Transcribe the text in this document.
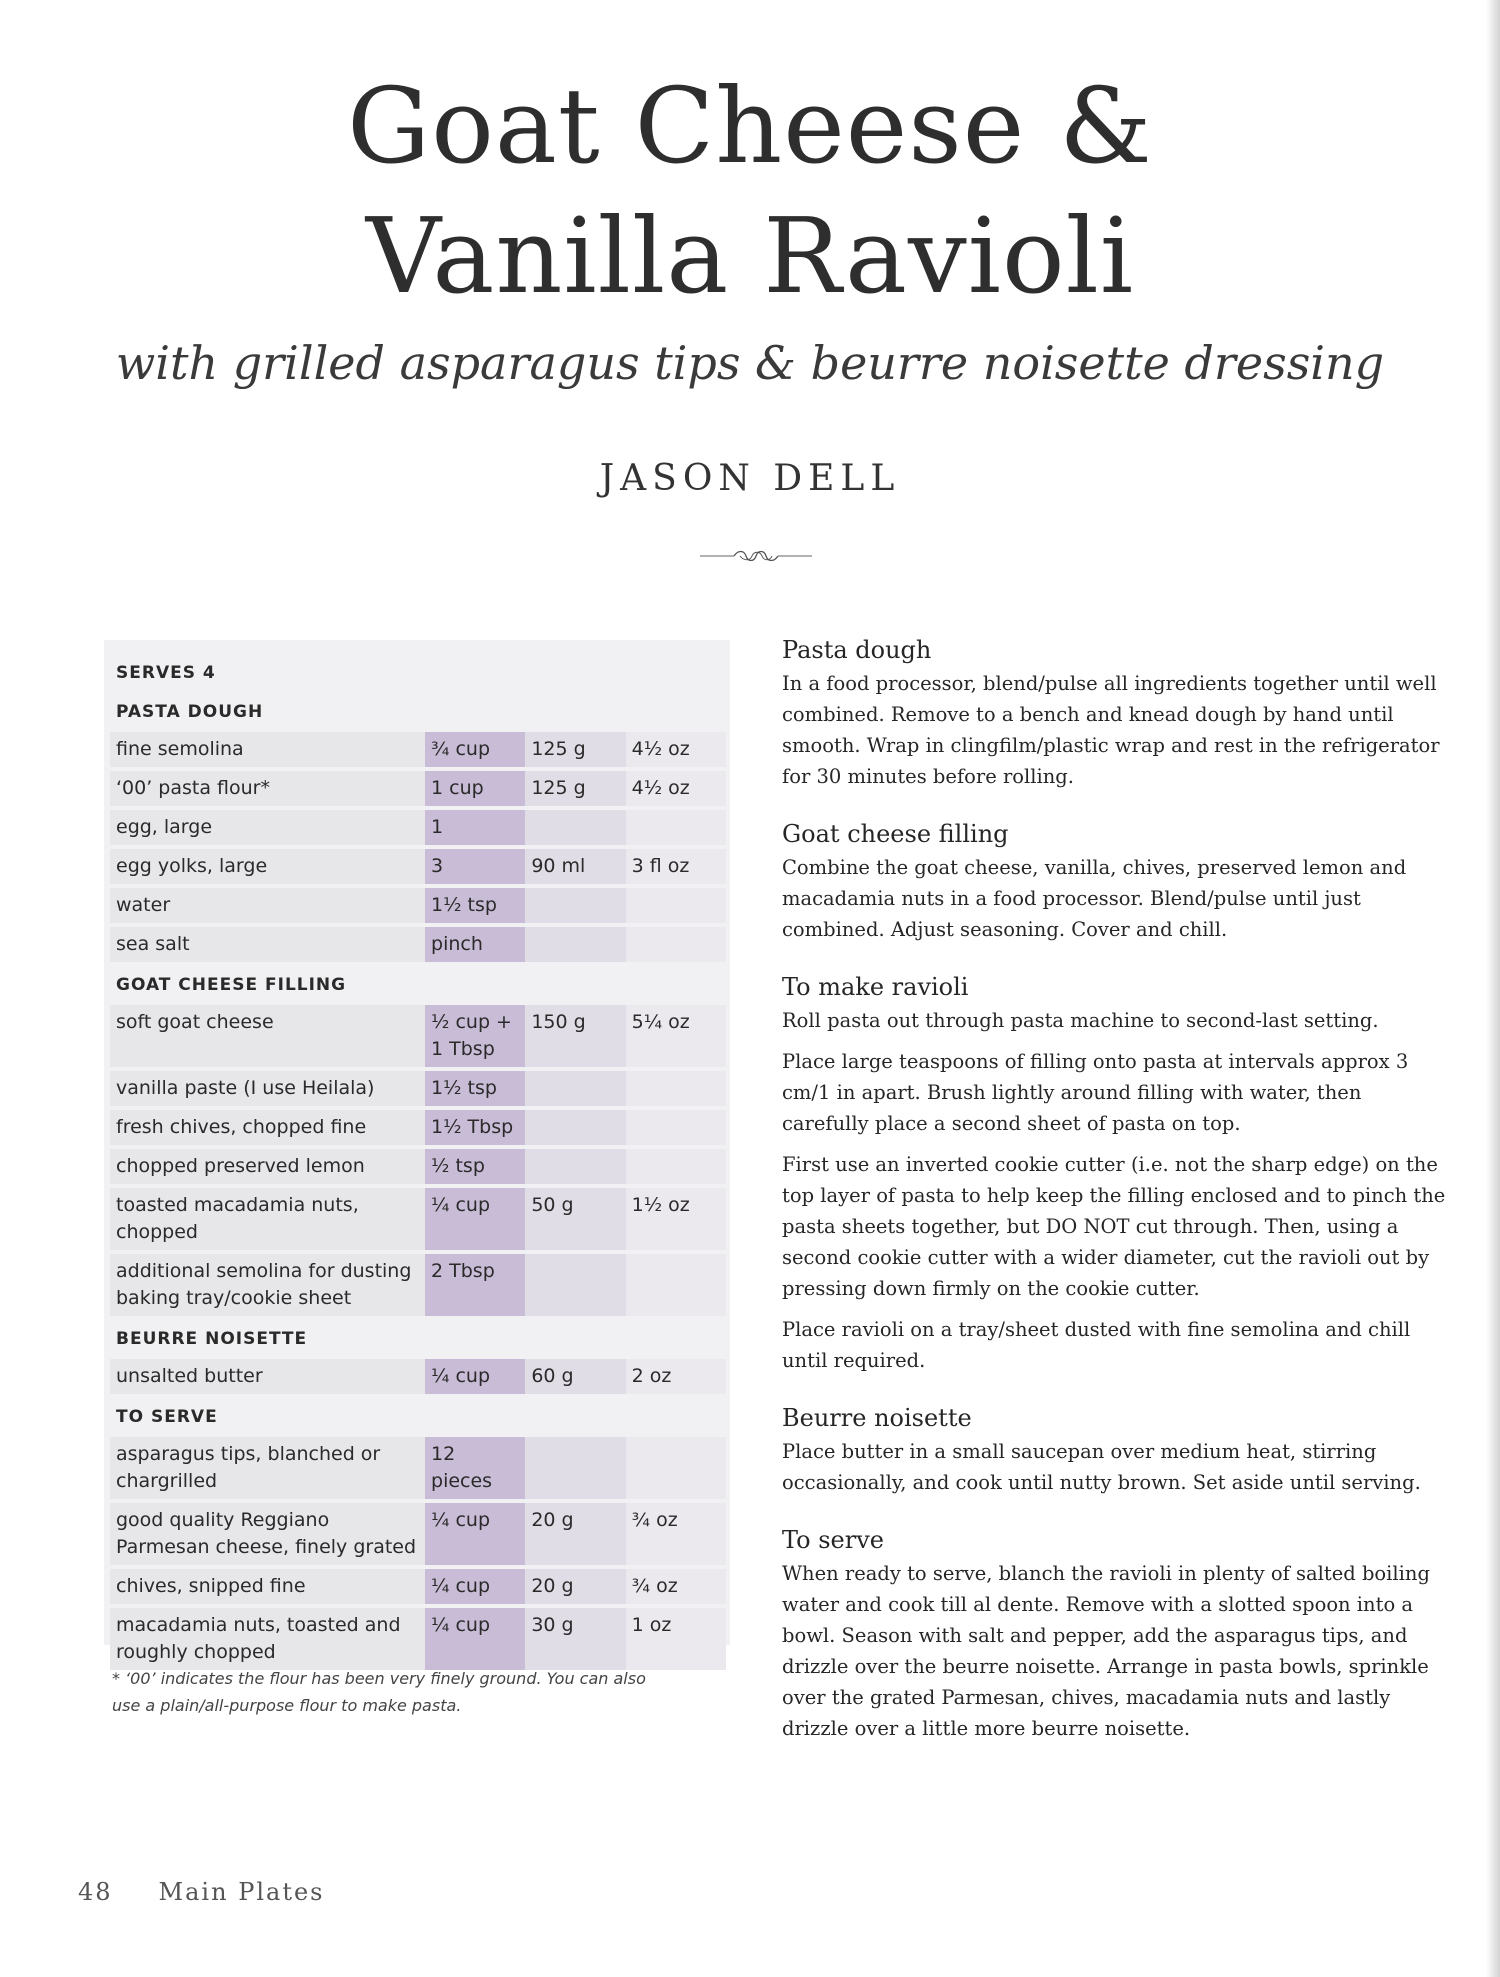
Goat Cheese &
Vanilla Ravioli
with grilled asparagus tips & beurre noisette dressing
JASON DELL
SERVES 4			
PASTA DOUGH			
fine semolina	¾ cup	125 g	4½ oz
‘00’ pasta flour*	1 cup	125 g	4½ oz
egg, large	1		
egg yolks, large	3	90 ml	3 fl oz
water	1½ tsp		
sea salt	pinch		
GOAT CHEESE FILLING			
soft goat cheese	½ cup + 1 Tbsp	150 g	5¼ oz
vanilla paste (I use Heilala)	1½ tsp		
fresh chives, chopped fine	1½ Tbsp		
chopped preserved lemon	½ tsp		
toasted macadamia nuts, chopped	¼ cup	50 g	1½ oz
additional semolina for dusting baking tray/cookie sheet	2 Tbsp		
BEURRE NOISETTE			
unsalted butter	¼ cup	60 g	2 oz
TO SERVE			
asparagus tips, blanched or chargrilled	12 pieces		
good quality Reggiano Parmesan cheese, finely grated	¼ cup	20 g	¾ oz
chives, snipped fine	¼ cup	20 g	¾ oz
macadamia nuts, toasted and roughly chopped	¼ cup	30 g	1 oz

* ‘00’ indicates the flour has been very finely ground. You can also use a plain/all-purpose flour to make pasta.

Pasta dough

In a food processor, blend/pulse all ingredients together until well combined. Remove to a bench and knead dough by hand until smooth. Wrap in clingfilm/plastic wrap and rest in the refrigerator for 30 minutes before rolling.

Goat cheese filling

Combine the goat cheese, vanilla, chives, preserved lemon and macadamia nuts in a food processor. Blend/pulse until just combined. Adjust seasoning. Cover and chill.

To make ravioli

Roll pasta out through pasta machine to second-last setting.

Place large teaspoons of filling onto pasta at intervals approx 3 cm/1 in apart. Brush lightly around filling with water, then carefully place a second sheet of pasta on top.

First use an inverted cookie cutter (i.e. not the sharp edge) on the top layer of pasta to help keep the filling enclosed and to pinch the pasta sheets together, but DO NOT cut through. Then, using a second cookie cutter with a wider diameter, cut the ravioli out by pressing down firmly on the cookie cutter.

Place ravioli on a tray/sheet dusted with fine semolina and chill until required.

Beurre noisette

Place butter in a small saucepan over medium heat, stirring occasionally, and cook until nutty brown. Set aside until serving.

To serve

When ready to serve, blanch the ravioli in plenty of salted boiling water and cook till al dente. Remove with a slotted spoon into a bowl. Season with salt and pepper, add the asparagus tips, and drizzle over the beurre noisette. Arrange in pasta bowls, sprinkle over the grated Parmesan, chives, macadamia nuts and lastly drizzle over a little more beurre noisette.

48 Main Plates
